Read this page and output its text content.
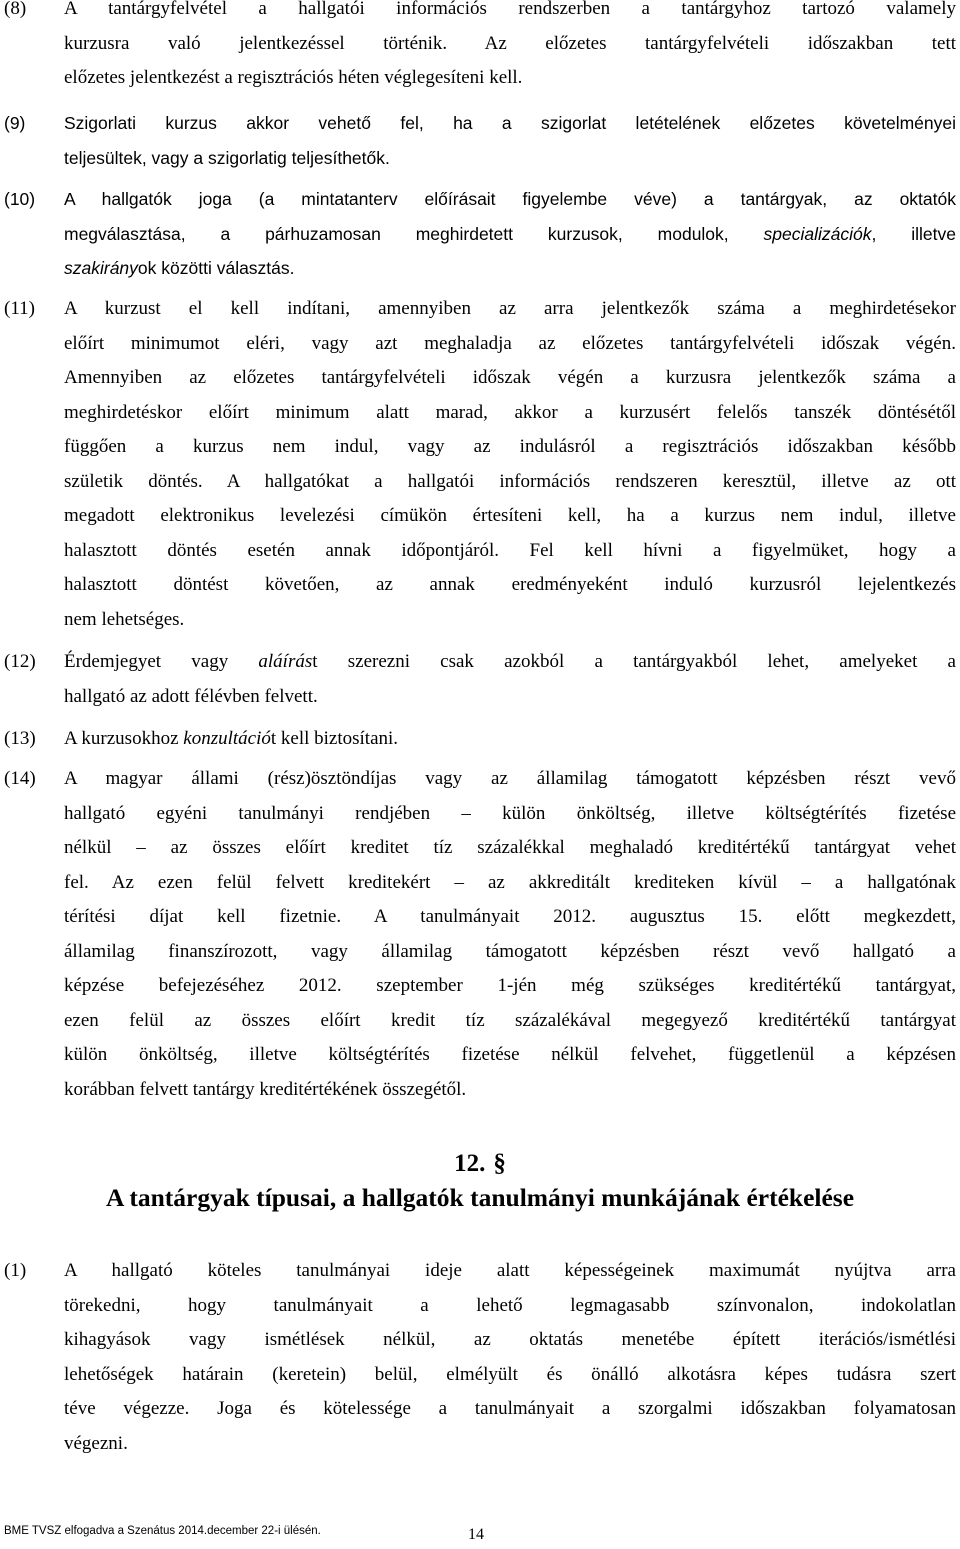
(8) A tantárgyfelvétel a hallgatói információs rendszerben a tantárgyhoz tartozó valamely
kurzusra való jelentkezéssel történik. Az előzetes tantárgyfelvételi időszakban tett
előzetes jelentkezést a regisztrációs héten véglegesíteni kell.
(9) Szigorlati kurzus akkor vehető fel, ha a szigorlat letételének előzetes követelményei
teljesültek, vagy a szigorlatig teljesíthetők.
(10) A hallgatók joga (a mintatanterv előírásait figyelembe véve) a tantárgyak, az oktatók
megválasztása, a párhuzamosan meghirdetett kurzusok, modulok, specializációk, illetve
szakirányok közötti választás.
(11) A kurzust el kell indítani, amennyiben az arra jelentkezők száma a meghirdetésekor
előírt minimumot eléri, vagy azt meghaladja az előzetes tantárgyfelvételi időszak végén.
Amennyiben az előzetes tantárgyfelvételi időszak végén a kurzusra jelentkezők száma a
meghirdetéskor előírt minimum alatt marad, akkor a kurzusért felelős tanszék döntésétől
függően a kurzus nem indul, vagy az indulásról a regisztrációs időszakban később
születik döntés. A hallgatókat a hallgatói információs rendszeren keresztül, illetve az ott
megadott elektronikus levelezési címükön értesíteni kell, ha a kurzus nem indul, illetve
halasztott döntés esetén annak időpontjáról. Fel kell hívni a figyelmüket, hogy a
halasztott döntést követően, az annak eredményeként induló kurzusról lejelentkezés
nem lehetséges.
(12) Érdemjegyet vagy aláírást szerezni csak azokból a tantárgyakból lehet, amelyeket a
hallgató az adott félévben felvett.
(13) A kurzusokhoz konzultációt kell biztosítani.
(14) A magyar állami (rész)ösztöndíjas vagy az államilag támogatott képzésben részt vevő
hallgató egyéni tanulmányi rendjében – külön önköltség, illetve költségtérítés fizetése
nélkül – az összes előírt kreditet tíz százalékkal meghaladó kreditértékű tantárgyat vehet
fel. Az ezen felül felvett kreditekért – az akkreditált krediteken kívül – a hallgatónak
térítési díjat kell fizetnie. A tanulmányait 2012. augusztus 15. előtt megkezdett,
államilag finanszírozott, vagy államilag támogatott képzésben részt vevő hallgató a
képzése befejezéséhez 2012. szeptember 1-jén még szükséges kreditértékű tantárgyat,
ezen felül az összes előírt kredit tíz százalékával megegyező kreditértékű tantárgyat
külön önköltség, illetve költségtérítés fizetése nélkül felvehet, függetlenül a képzésen
korábban felvett tantárgy kreditértékének összegétől.
12. §
A tantárgyak típusai, a hallgatók tanulmányi munkájának értékelése
(1) A hallgató köteles tanulmányai ideje alatt képességeinek maximumát nyújtva arra
törekedni, hogy tanulmányait a lehető legmagasabb színvonalon, indokolatlan
kihagyások vagy ismétlések nélkül, az oktatás menetébe épített iterációs/ismétlési
lehetőségek határain (keretein) belül, elmélyült és önálló alkotásra képes tudásra szert
téve végezze. Joga és kötelessége a tanulmányait a szorgalmi időszakban folyamatosan
végezni.
BME TVSZ elfogadva a Szenátus 2014.december 22-i ülésén.	14
